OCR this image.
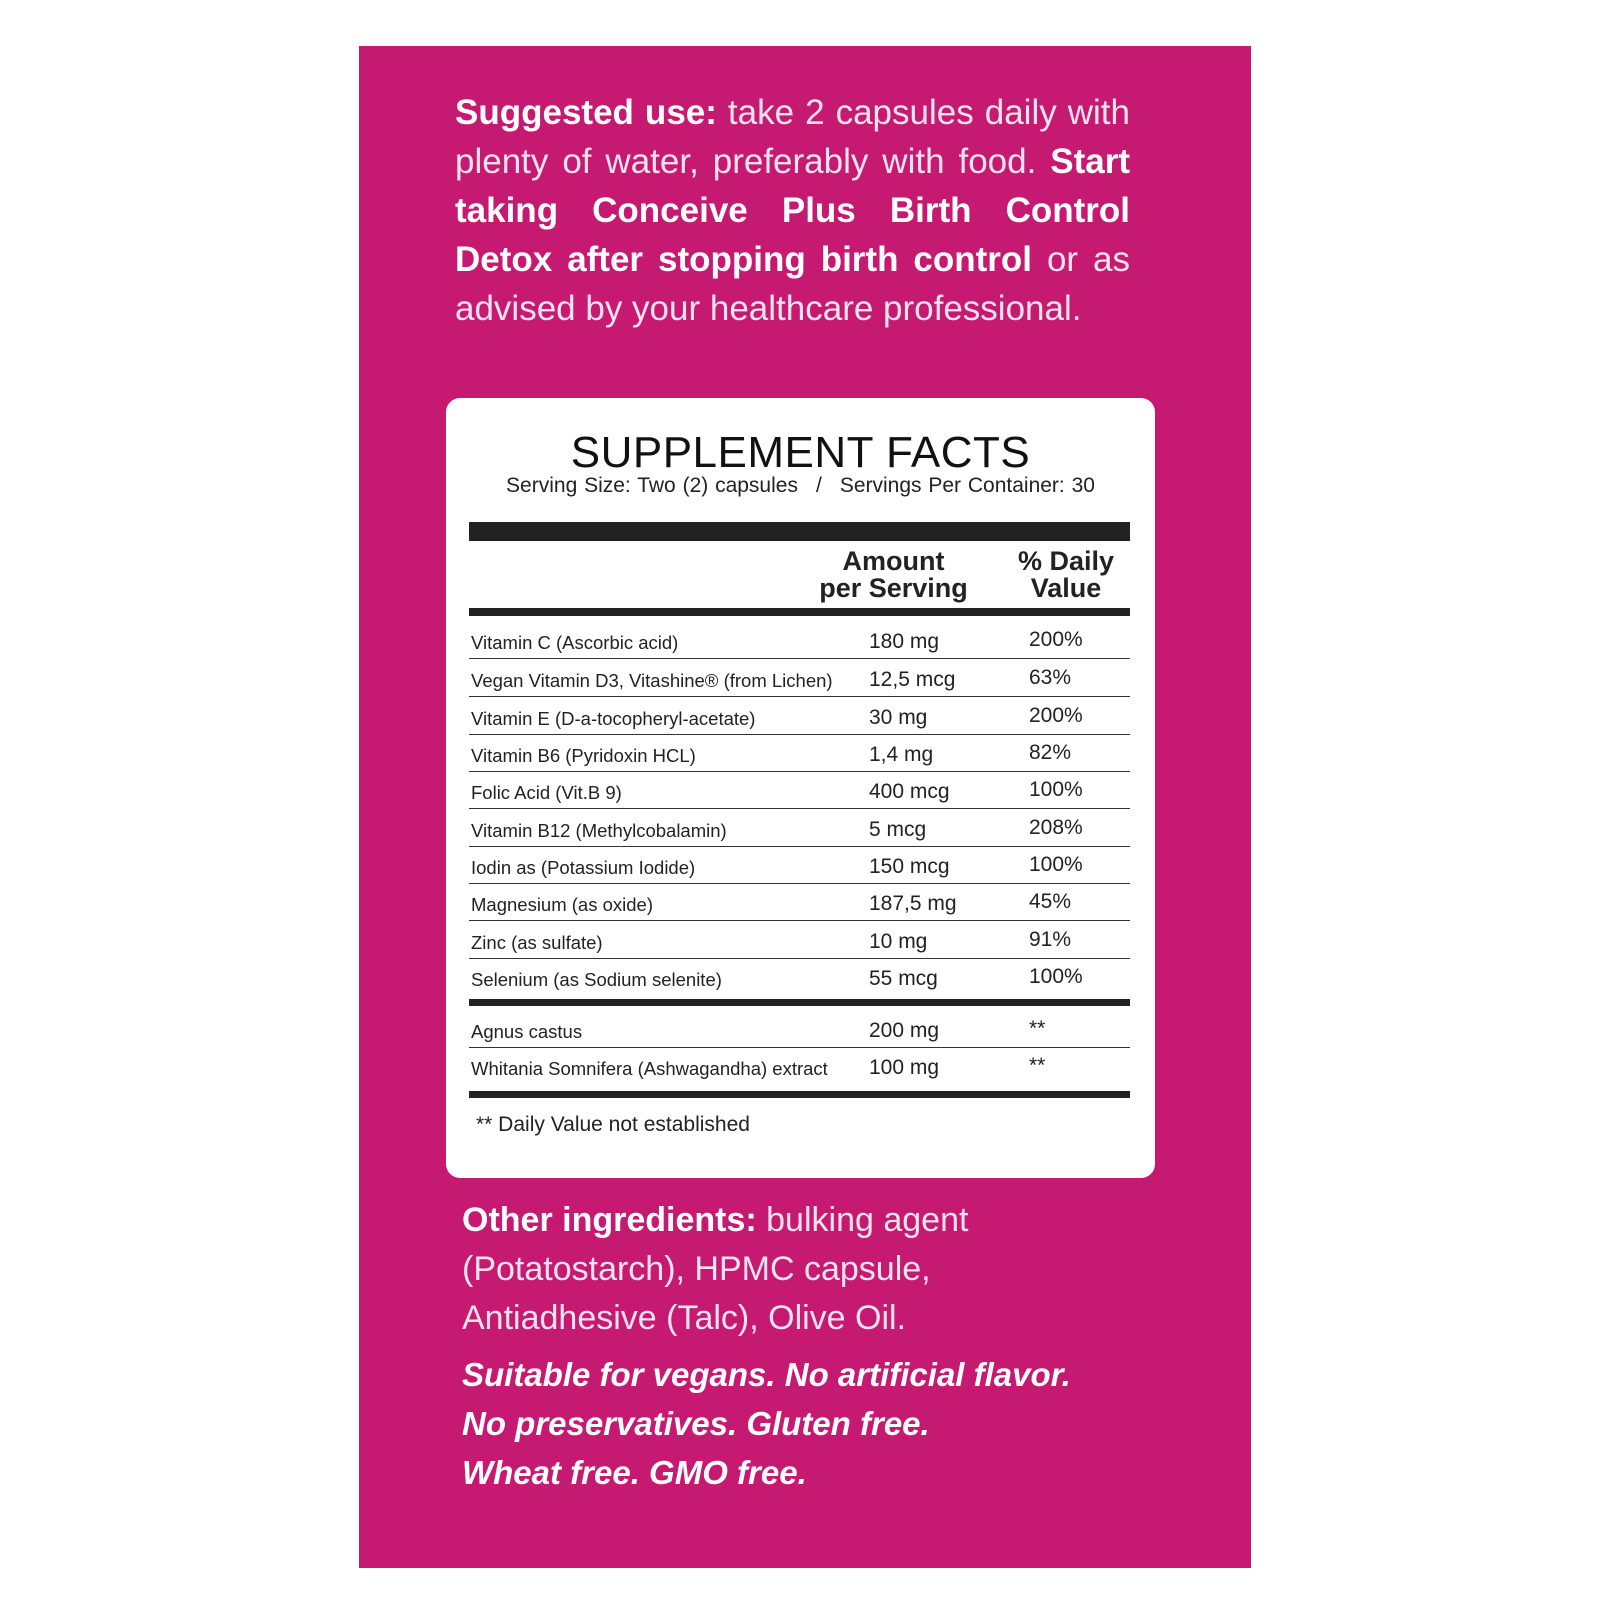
Suggested use: take 2 capsules daily with plenty of water, preferably with food. Start taking Conceive Plus Birth Control Detox after stopping birth control or as advised by your healthcare professional.
SUPPLEMENT FACTS
Serving Size: Two (2) capsules / Servings Per Container: 30
Amount
per Serving
% Daily
Value
Vitamin C (Ascorbic acid)	180 mg	200%
Vegan Vitamin D3, Vitashine® (from Lichen) 12,5 mcg	63%
Vitamin E (D-a-tocopheryl-acetate)	30 mg	200%
Vitamin B6 (Pyridoxin HCL)	1,4 mg	82%
Folic Acid (Vit.B 9)	400 mcg	100%
Vitamin B12 (Methylcobalamin)	5 mcg	208%
Iodin as (Potassium Iodide)	150 mcg	100%
Magnesium (as oxide)	187,5 mg	45%
Zinc (as sulfate)	10 mg	91%
Selenium (as Sodium selenite)	55 mcg	100%
Agnus castus	200 mg	**
Whitania Somnifera (Ashwagandha) extract 100 mg	**
** Daily Value not established
Other ingredients: bulking agent (Potatostarch), HPMC capsule, Antiadhesive (Talc), Olive Oil.
Suitable for vegans. No artificial flavor.
No preservatives. Gluten free.
Wheat free. GMO free.
